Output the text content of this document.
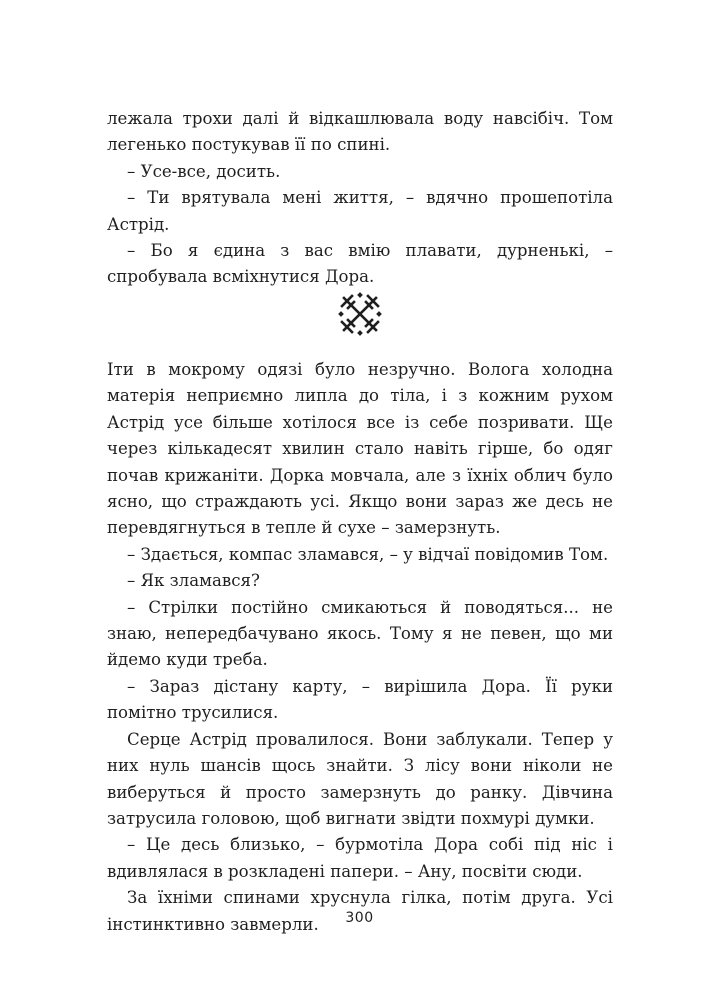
лежала трохи далі й відкашлювала воду навсібіч. Том легенько постукував її по спині.

– Усе-все, досить.

– Ти врятувала мені життя, – вдячно прошепотіла Астрід.

– Бо я єдина з вас вмію плавати, дурненькі, – спробувала всміхнутися Дора.

Іти в мокрому одязі було незручно. Волога холодна матерія неприємно липла до тіла, і з кожним рухом Астрід усе більше хотілося все із себе позривати. Ще через кількадесят хвилин стало навіть гірше, бо одяг почав крижаніти. Дорка мовчала, але з їхніх облич було ясно, що страждають усі. Якщо вони зараз же десь не перевдягнуться в тепле й сухе – замерзнуть.

– Здається, компас зламався, – у відчаї повідомив Том.

– Як зламався?

– Стрілки постійно смикаються й поводяться... не знаю, непередбачувано якось. Тому я не певен, що ми йдемо куди треба.

– Зараз дістану карту, – вирішила Дора. Її руки помітно трусилися.

Серце Астрід провалилося. Вони заблукали. Тепер у них нуль шансів щось знайти. З лісу вони ніколи не виберуться й просто замерзнуть до ранку. Дівчина затрусила головою, щоб вигнати звідти похмурі думки.

– Це десь близько, – бурмотіла Дора собі під ніс і вдивлялася в розкладені папери. – Ану, посвіти сюди.

За їхніми спинами хруснула гілка, потім друга. Усі інстинктивно завмерли.	300
